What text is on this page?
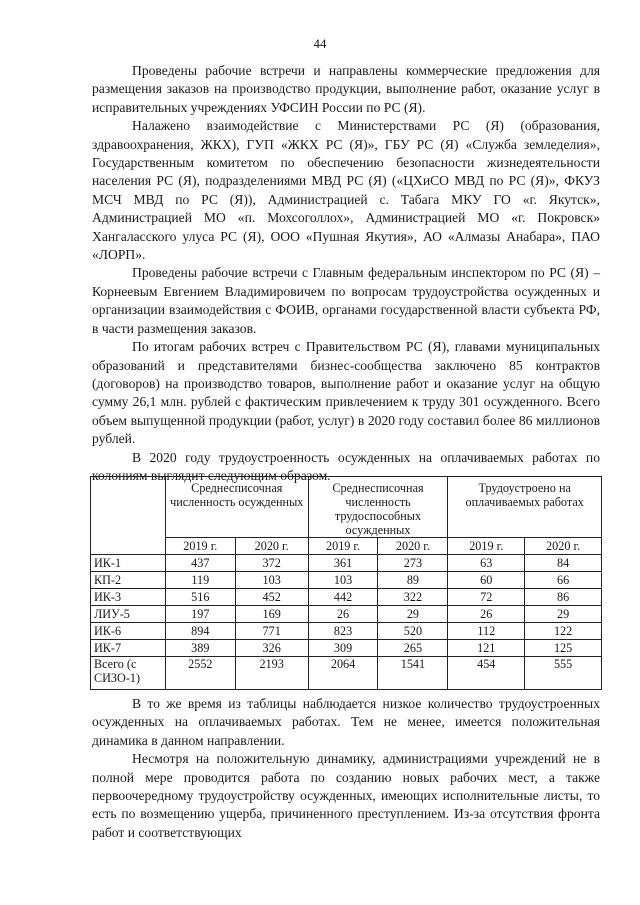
44

Проведены рабочие встречи и направлены коммерческие предложения для размещения заказов на производство продукции, выполнение работ, оказание услуг в исправительных учреждениях УФСИН России по РС (Я).

Налажено взаимодействие с Министерствами РС (Я) (образования, здравоохранения, ЖКХ), ГУП «ЖКХ РС (Я)», ГБУ РС (Я) «Служба земледелия», Государственным комитетом по обеспечению безопасности жизнедеятельности населения РС (Я), подразделениями МВД РС (Я) («ЦХиСО МВД по РС (Я)», ФКУЗ МСЧ МВД по РС (Я)), Администрацией с. Табага МКУ ГО «г. Якутск», Администрацией МО «п. Мохсоголлох», Администрацией МО «г. Покровск» Хангаласского улуса РС (Я), ООО «Пушная Якутия», АО «Алмазы Анабара», ПАО «ЛОРП».

Проведены рабочие встречи с Главным федеральным инспектором по РС (Я) – Корнеевым Евгением Владимировичем по вопросам трудоустройства осужденных и организации взаимодействия с ФОИВ, органами государственной власти субъекта РФ, в части размещения заказов.

По итогам рабочих встреч с Правительством РС (Я), главами муниципальных образований и представителями бизнес-сообщества заключено 85 контрактов (договоров) на производство товаров, выполнение работ и оказание услуг на общую сумму 26,1 млн. рублей с фактическим привлечением к труду 301 осужденного. Всего объем выпущенной продукции (работ, услуг) в 2020 году составил более 86 миллионов рублей.

В 2020 году трудоустроенность осужденных на оплачиваемых работах по колониям выглядит следующим образом.

	Среднесписочная численность осужденных		Среднесписочная численность трудоспособных осужденных		Трудоустроено на оплачиваемых работах	
	2019 г.	2020 г.	2019 г.	2020 г.	2019 г.	2020 г.
ИК-1	437	372	361	273	63	84
КП-2	119	103	103	89	60	66
ИК-3	516	452	442	322	72	86
ЛИУ-5	197	169	26	29	26	29
ИК-6	894	771	823	520	112	122
ИК-7	389	326	309	265	121	125
Всего (с СИЗО-1)	2552	2193	2064	1541	454	555

В то же время из таблицы наблюдается низкое количество трудоустроенных осужденных на оплачиваемых работах. Тем не менее, имеется положительная динамика в данном направлении.

Несмотря на положительную динамику, администрациями учреждений не в полной мере проводится работа по созданию новых рабочих мест, а также первоочередному трудоустройству осужденных, имеющих исполнительные листы, то есть по возмещению ущерба, причиненного преступлением. Из-за отсутствия фронта работ и соответствующих
